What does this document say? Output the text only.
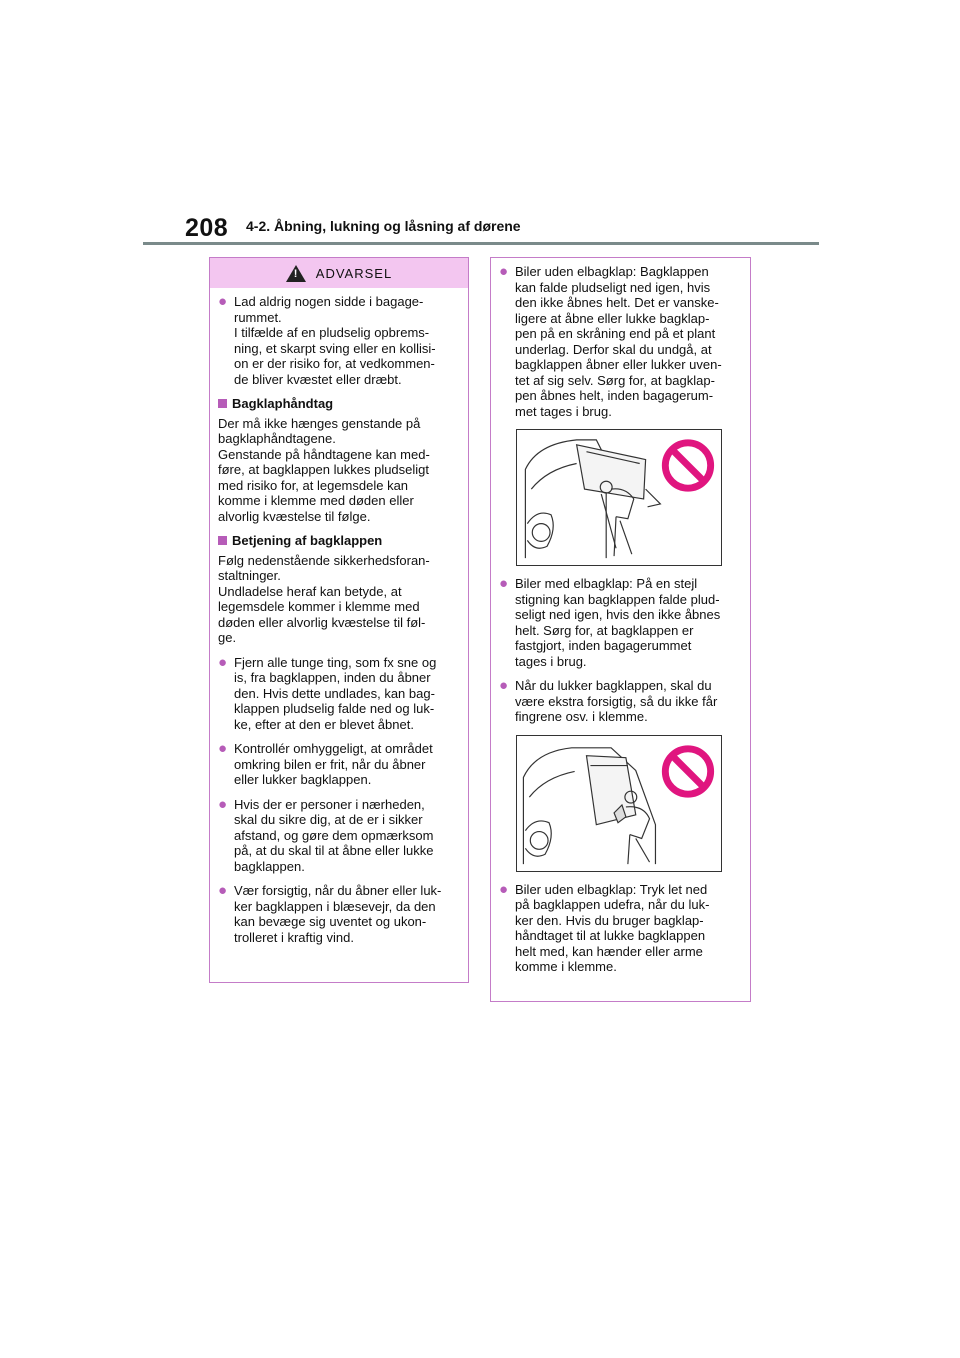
208 4-2. Åbning, lukning og låsning af dørene
! ADVARSEL
● Lad aldrig nogen sidde i bagage-
rummet.
I tilfælde af en pludselig opbrems-
ning, et skarpt sving eller en kollisi-
on er der risiko for, at vedkommen-
de bliver kvæstet eller dræbt.
Bagklaphåndtag
Der må ikke hænges genstande på
bagklaphåndtagene.
Genstande på håndtagene kan med-
føre, at bagklappen lukkes pludseligt
med risiko for, at legemsdele kan
komme i klemme med døden eller
alvorlig kvæstelse til følge.
Betjening af bagklappen
Følg nedenstående sikkerhedsforan-
staltninger.
Undladelse heraf kan betyde, at
legemsdele kommer i klemme med
døden eller alvorlig kvæstelse til føl-
ge.
● Fjern alle tunge ting, som fx sne og
is, fra bagklappen, inden du åbner
den. Hvis dette undlades, kan bag-
klappen pludselig falde ned og luk-
ke, efter at den er blevet åbnet.
● Kontrollér omhyggeligt, at området
omkring bilen er frit, når du åbner
eller lukker bagklappen.
● Hvis der er personer i nærheden,
skal du sikre dig, at de er i sikker
afstand, og gøre dem opmærksom
på, at du skal til at åbne eller lukke
bagklappen.
● Vær forsigtig, når du åbner eller luk-
ker bagklappen i blæsevejr, da den
kan bevæge sig uventet og ukon-
trolleret i kraftig vind.
● Biler uden elbagklap: Bagklappen
kan falde pludseligt ned igen, hvis
den ikke åbnes helt. Det er vanske-
ligere at åbne eller lukke bagklap-
pen på en skråning end på et plant
underlag. Derfor skal du undgå, at
bagklappen åbner eller lukker uven-
tet af sig selv. Sørg for, at bagklap-
pen åbnes helt, inden bagagerum-
met tages i brug.
● Biler med elbagklap: På en stejl
stigning kan bagklappen falde plud-
seligt ned igen, hvis den ikke åbnes
helt. Sørg for, at bagklappen er
fastgjort, inden bagagerummet
tages i brug.
● Når du lukker bagklappen, skal du
være ekstra forsigtig, så du ikke får
fingrene osv. i klemme.
● Biler uden elbagklap: Tryk let ned
på bagklappen udefra, når du luk-
ker den. Hvis du bruger bagklap-
håndtaget til at lukke bagklappen
helt med, kan hænder eller arme
komme i klemme.
